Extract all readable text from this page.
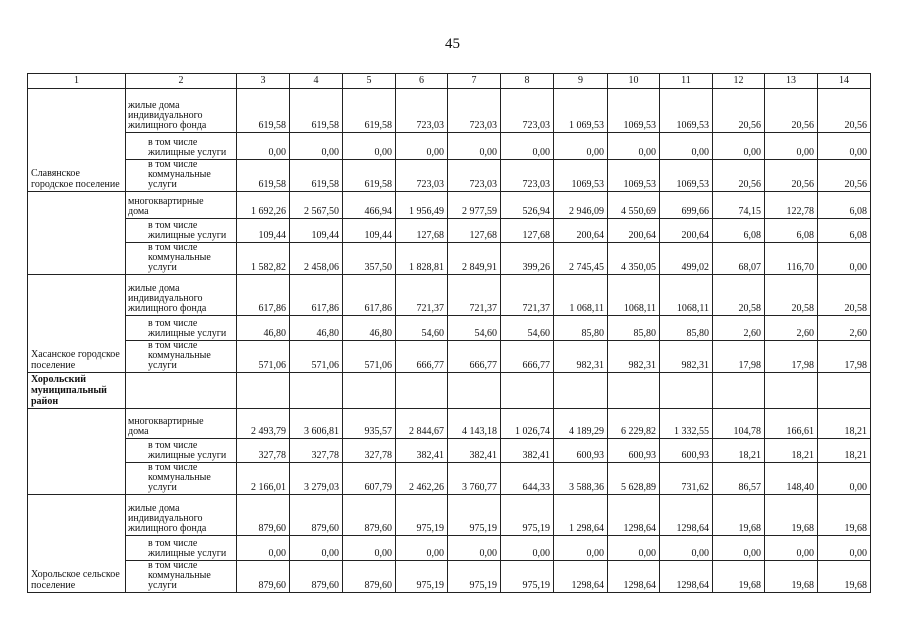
45
1	2	3	4	5	6	7	8	9	10	11	12	13	14
Славянское городское поселение	жилые дома
индивидуального
жилищного фонда	619,58	619,58	619,58	723,03	723,03	723,03	1 069,53	1069,53	1069,53	20,56	20,56	20,56
	в том числе
жилищные услуги	0,00	0,00	0,00	0,00	0,00	0,00	0,00	0,00	0,00	0,00	0,00	0,00
	в том числе
коммунальные услуги	619,58	619,58	619,58	723,03	723,03	723,03	1069,53	1069,53	1069,53	20,56	20,56	20,56
	многоквартирные
дома	1 692,26	2 567,50	466,94	1 956,49	2 977,59	526,94	2 946,09	4 550,69	699,66	74,15	122,78	6,08
	в том числе
жилищные услуги	109,44	109,44	109,44	127,68	127,68	127,68	200,64	200,64	200,64	6,08	6,08	6,08
	в том числе
коммунальные услуги	1 582,82	2 458,06	357,50	1 828,81	2 849,91	399,26	2 745,45	4 350,05	499,02	68,07	116,70	0,00
Хасанское городское поселение	жилые дома
индивидуального
жилищного фонда	617,86	617,86	617,86	721,37	721,37	721,37	1 068,11	1068,11	1068,11	20,58	20,58	20,58
	в том числе
жилищные услуги	46,80	46,80	46,80	54,60	54,60	54,60	85,80	85,80	85,80	2,60	2,60	2,60
	в том числе
коммунальные услуги	571,06	571,06	571,06	666,77	666,77	666,77	982,31	982,31	982,31	17,98	17,98	17,98
Хорольский муниципальный район													
	многоквартирные
дома	2 493,79	3 606,81	935,57	2 844,67	4 143,18	1 026,74	4 189,29	6 229,82	1 332,55	104,78	166,61	18,21
	в том числе
жилищные услуги	327,78	327,78	327,78	382,41	382,41	382,41	600,93	600,93	600,93	18,21	18,21	18,21
	в том числе
коммунальные услуги	2 166,01	3 279,03	607,79	2 462,26	3 760,77	644,33	3 588,36	5 628,89	731,62	86,57	148,40	0,00
Хорольское сельское поселение	жилые дома
индивидуального
жилищного фонда	879,60	879,60	879,60	975,19	975,19	975,19	1 298,64	1298,64	1298,64	19,68	19,68	19,68
	в том числе
жилищные услуги	0,00	0,00	0,00	0,00	0,00	0,00	0,00	0,00	0,00	0,00	0,00	0,00
	в том числе
коммунальные услуги	879,60	879,60	879,60	975,19	975,19	975,19	1298,64	1298,64	1298,64	19,68	19,68	19,68
